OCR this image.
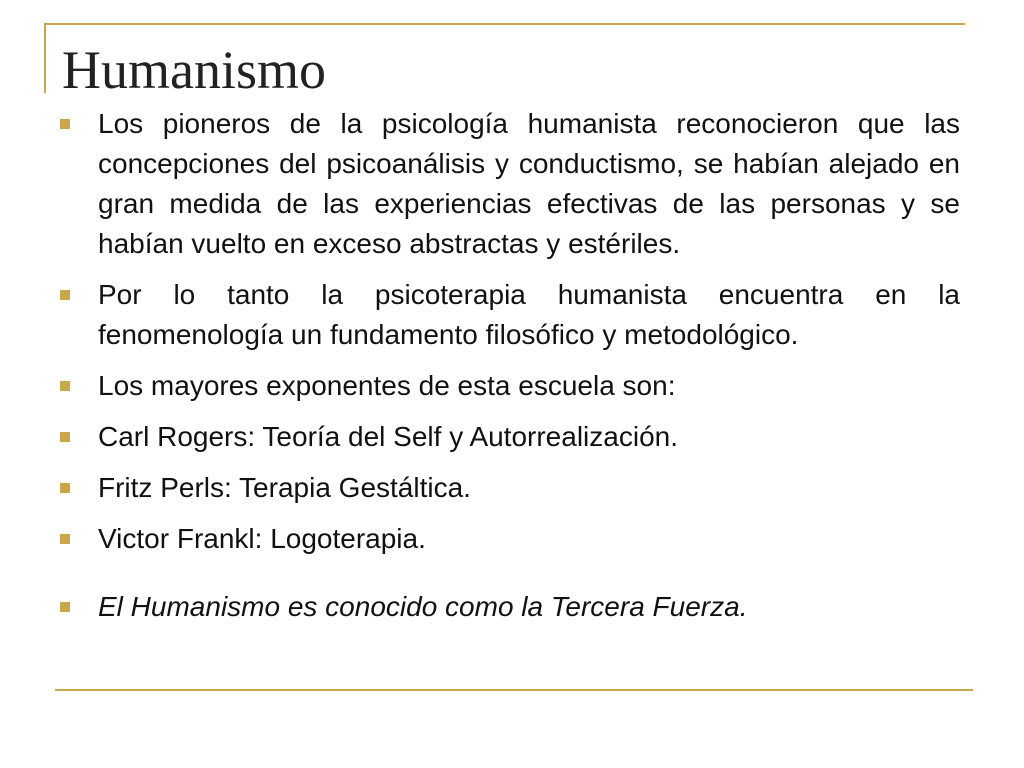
Humanismo
Los pioneros de la psicología humanista reconocieron que las concepciones del psicoanálisis y conductismo, se habían alejado en gran medida de las experiencias efectivas de las personas y se habían vuelto en exceso abstractas y estériles.
Por lo tanto la psicoterapia humanista encuentra en la fenomenología un fundamento filosófico y metodológico.
Los mayores exponentes de esta escuela son:
Carl Rogers: Teoría del Self y Autorrealización.
Fritz Perls: Terapia Gestáltica.
Victor Frankl: Logoterapia.
El Humanismo es conocido como la Tercera Fuerza.
